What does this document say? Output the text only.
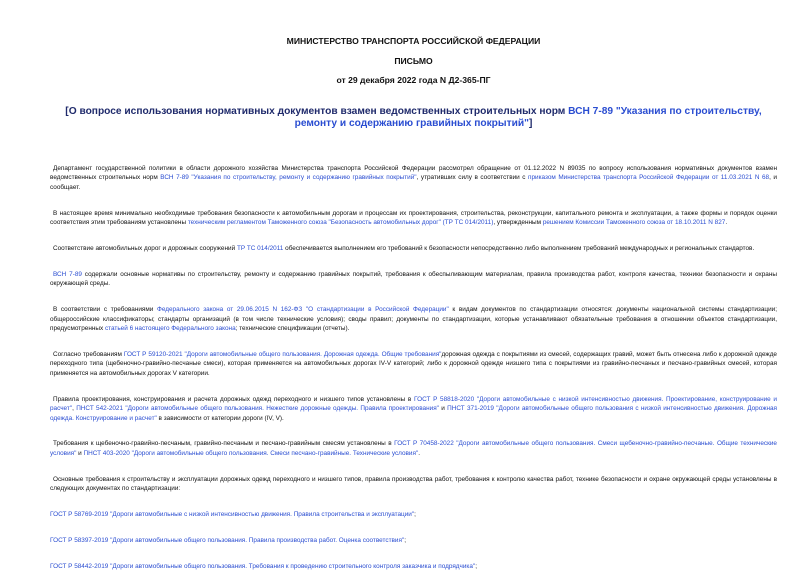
МИНИСТЕРСТВО ТРАНСПОРТА РОССИЙСКОЙ ФЕДЕРАЦИИ
ПИСЬМО
от 29 декабря 2022 года N Д2-365-ПГ
[О вопросе использования нормативных документов взамен ведомственных строительных норм ВСН 7-89 "Указания по строительству, ремонту и содержанию гравийных покрытий"]

Департамент государственной политики в области дорожного хозяйства Министерства транспорта Российской Федерации рассмотрел обращение от 01.12.2022 N 89035 по вопросу использования нормативных документов взамен ведомственных строительных норм ВСН 7-89 "Указания по строительству, ремонту и содержанию гравийных покрытий", утративших силу в соответствии с приказом Министерства транспорта Российской Федерации от 11.03.2021 N 68, и сообщает.

В настоящее время минимально необходимые требования безопасности к автомобильным дорогам и процессам их проектирования, строительства, реконструкции, капитального ремонта и эксплуатации, а также формы и порядок оценки соответствия этим требованиям установлены техническим регламентом Таможенного союза "Безопасность автомобильных дорог" (ТР ТС 014/2011), утвержденным решением Комиссии Таможенного союза от 18.10.2011 N 827.

Соответствие автомобильных дорог и дорожных сооружений ТР ТС 014/2011 обеспечивается выполнением его требований к безопасности непосредственно либо выполнением требований международных и региональных стандартов.

ВСН 7-89 содержали основные нормативы по строительству, ремонту и содержанию гравийных покрытий, требования к обеспыливающим материалам, правила производства работ, контроля качества, техники безопасности и охраны окружающей среды.

В соответствии с требованиями Федерального закона от 29.06.2015 N 162-ФЗ "О стандартизации в Российской Федерации" к видам документов по стандартизации относятся: документы национальной системы стандартизации; общероссийские классификаторы; стандарты организаций (в том числе технические условия); своды правил; документы по стандартизации, которые устанавливают обязательные требования в отношении объектов стандартизации, предусмотренных статьей 6 настоящего Федерального закона; технические спецификации (отчеты).

Согласно требованиям ГОСТ Р 59120-2021 "Дороги автомобильные общего пользования. Дорожная одежда. Общие требования"дорожная одежда с покрытиями из смесей, содержащих гравий, может быть отнесена либо к дорожной одежде переходного типа (щебеночно-гравийно-песчаные смеси), которая применяется на автомобильных дорогах IV-V категорий; либо к дорожной одежде низшего типа с покрытиями из гравийно-песчаных и песчано-гравийных смесей, которая применяется на автомобильных дорогах V категории.

Правила проектирования, конструирования и расчета дорожных одежд переходного и низшего типов установлены в ГОСТ Р 58818-2020 "Дороги автомобильные с низкой интенсивностью движения. Проектирование, конструирование и расчет", ПНСТ 542-2021 "Дороги автомобильные общего пользования. Нежесткие дорожные одежды. Правила проектирования" и ПНСТ 371-2019 "Дороги автомобильные общего пользования с низкой интенсивностью движения. Дорожная одежда. Конструирование и расчет" в зависимости от категории дороги (IV, V).

Требования к щебеночно-гравийно-песчаным, гравийно-песчаным и песчано-гравийным смесям установлены в ГОСТ Р 70458-2022 "Дороги автомобильные общего пользования. Смеси щебеночно-гравийно-песчаные. Общие технические условия" и ПНСТ 403-2020 "Дороги автомобильные общего пользования. Смеси песчано-гравийные. Технические условия".

Основные требования к строительству и эксплуатации дорожных одежд переходного и низшего типов, правила производства работ, требования к контролю качества работ, технике безопасности и охране окружающей среды установлены в следующих документах по стандартизации:

ГОСТ Р 58769-2019 "Дороги автомобильные с низкой интенсивностью движения. Правила строительства и эксплуатации";
ГОСТ Р 58397-2019 "Дороги автомобильные общего пользования. Правила производства работ. Оценка соответствия";
ГОСТ Р 58442-2019 "Дороги автомобильные общего пользования. Требования к проведению строительного контроля заказчика и подрядчика";
